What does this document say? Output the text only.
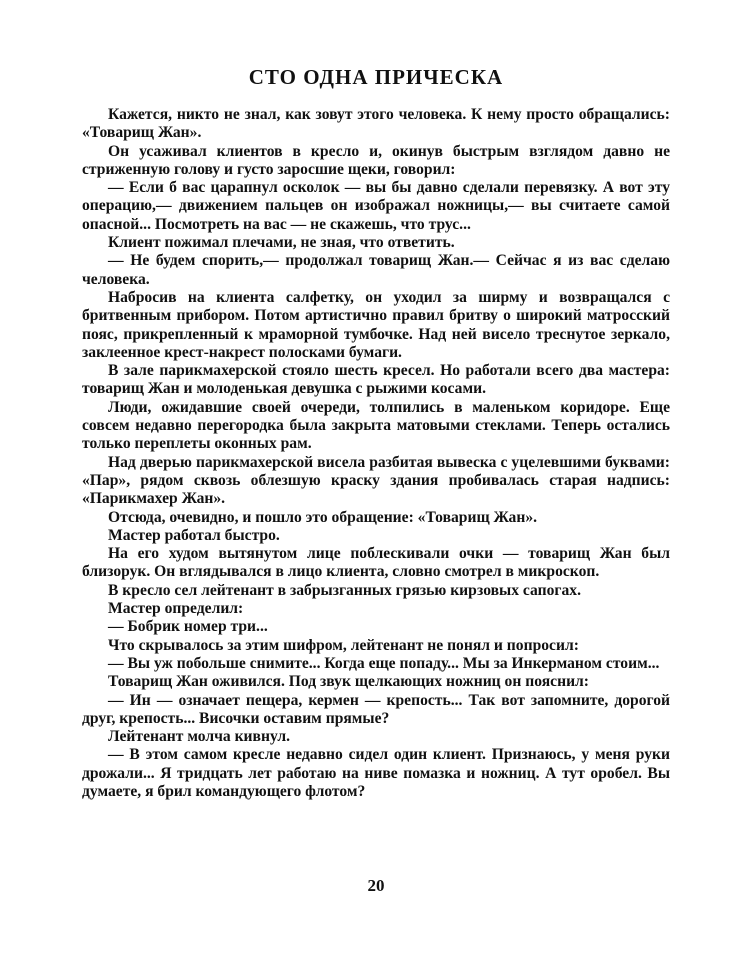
СТО ОДНА ПРИЧЕСКА

Кажется, никто не знал, как зовут этого человека. К нему просто обращались: «Товарищ Жан».

Он усаживал клиентов в кресло и, окинув быстрым взглядом давно не стриженную голову и густо заросшие щеки, говорил:

— Если б вас царапнул осколок — вы бы давно сделали перевязку. А вот эту операцию,— движением пальцев он изображал ножницы,— вы считаете самой опасной... Посмотреть на вас — не скажешь, что трус...

Клиент пожимал плечами, не зная, что ответить.

— Не будем спорить,— продолжал товарищ Жан.— Сейчас я из вас сделаю человека.

Набросив на клиента салфетку, он уходил за ширму и возвращался с бритвенным прибором. Потом артистично правил бритву о широкий матросский пояс, прикрепленный к мраморной тумбочке. Над ней висело треснутое зеркало, заклеенное крест-накрест полосками бумаги.

В зале парикмахерской стояло шесть кресел. Но работали всего два мастера: товарищ Жан и молоденькая девушка с рыжими косами.

Люди, ожидавшие своей очереди, толпились в маленьком коридоре. Еще совсем недавно перегородка была закрыта матовыми стеклами. Теперь остались только переплеты оконных рам.

Над дверью парикмахерской висела разбитая вывеска с уцелевшими буквами: «Пар», рядом сквозь облезшую краску здания пробивалась старая надпись: «Парикмахер Жан».

Отсюда, очевидно, и пошло это обращение: «Товарищ Жан».

Мастер работал быстро.

На его худом вытянутом лице поблескивали очки — товарищ Жан был близорук. Он вглядывался в лицо клиента, словно смотрел в микроскоп.

В кресло сел лейтенант в забрызганных грязью кирзовых сапогах.

Мастер определил:

— Бобрик номер три...

Что скрывалось за этим шифром, лейтенант не понял и попросил:

— Вы уж побольше снимите... Когда еще попаду... Мы за Инкерманом стоим...

Товарищ Жан оживился. Под звук щелкающих ножниц он пояснил:

— Ин — означает пещера, кермен — крепость... Так вот запомните, дорогой друг, крепость... Височки оставим прямые?

Лейтенант молча кивнул.

— В этом самом кресле недавно сидел один клиент. Признаюсь, у меня руки дрожали... Я тридцать лет работаю на ниве помазка и ножниц. А тут оробел. Вы думаете, я брил командующего флотом?

20
